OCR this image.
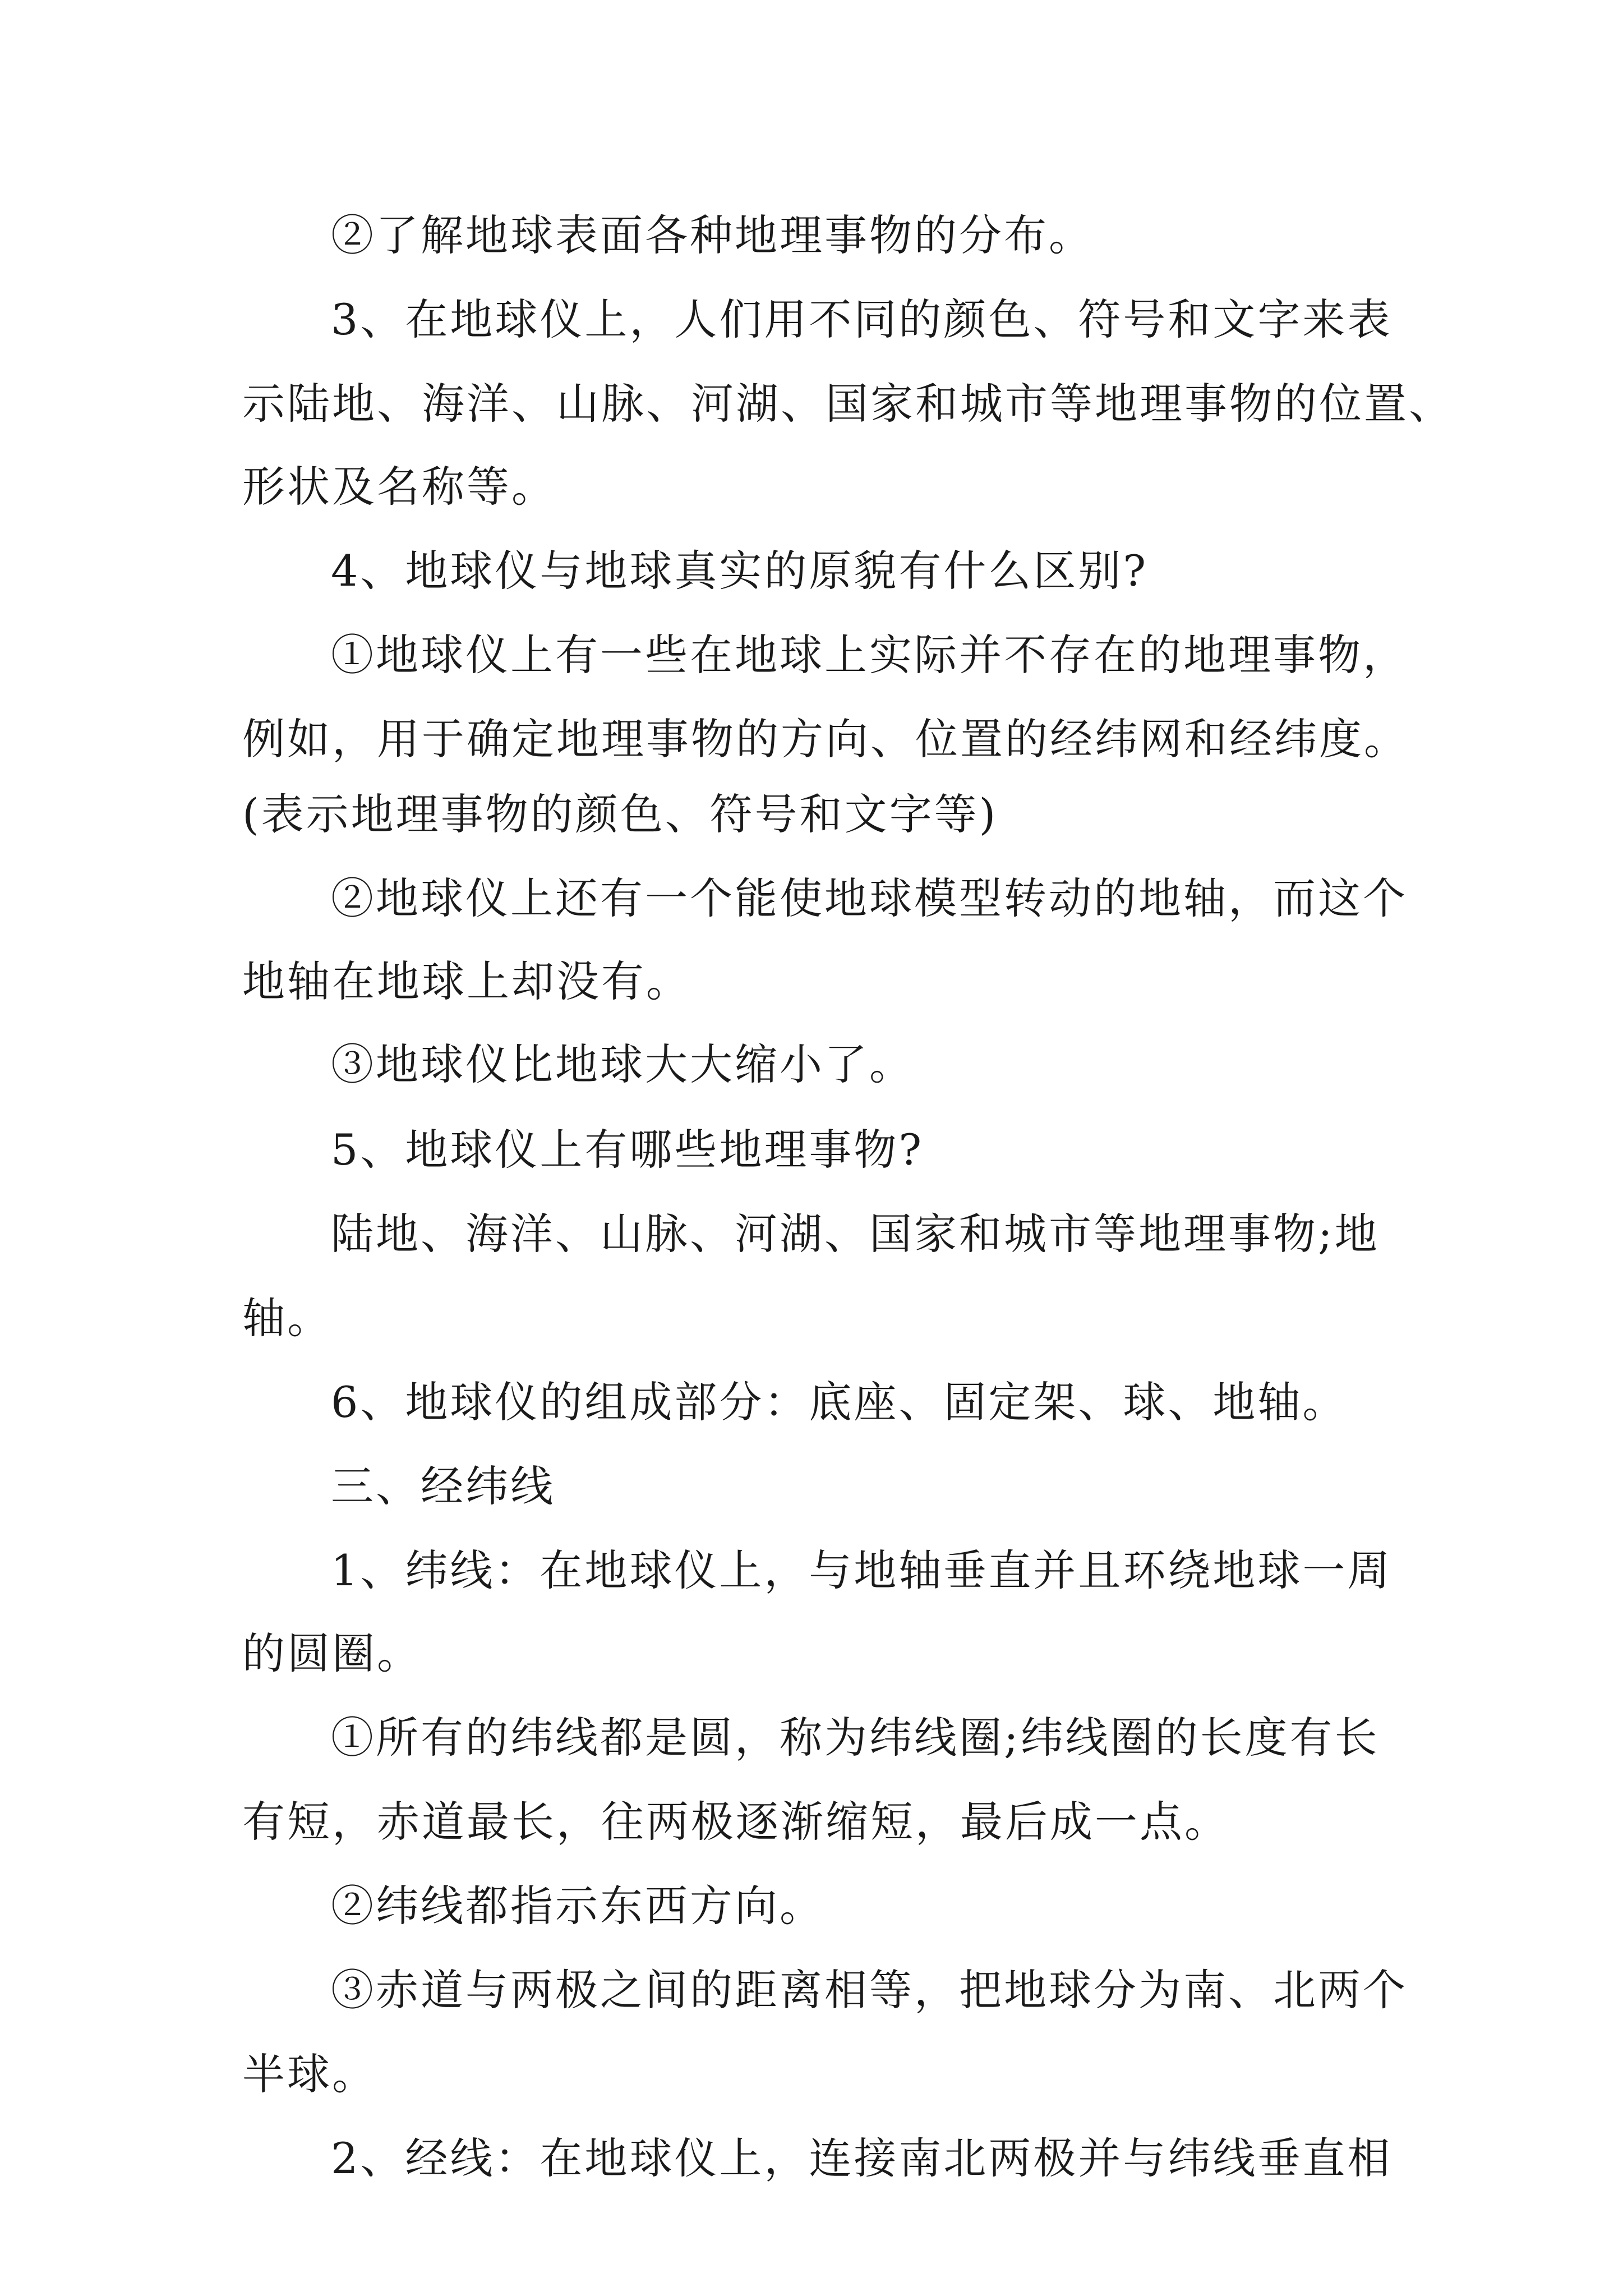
②了解地球表面各种地理事物的分布。
3、在地球仪上，人们用不同的颜色、符号和文字来表
示陆地、海洋、山脉、河湖、国家和城市等地理事物的位置、
形状及名称等。
4、地球仪与地球真实的原貌有什么区别?
①地球仪上有一些在地球上实际并不存在的地理事物，
例如，用于确定地理事物的方向、位置的经纬网和经纬度。
(表示地理事物的颜色、符号和文字等)
②地球仪上还有一个能使地球模型转动的地轴，而这个
地轴在地球上却没有。
③地球仪比地球大大缩小了。
5、地球仪上有哪些地理事物?
陆地、海洋、山脉、河湖、国家和城市等地理事物;地
轴。
6、地球仪的组成部分：底座、固定架、球、地轴。
三、经纬线
1、纬线：在地球仪上，与地轴垂直并且环绕地球一周
的圆圈。
①所有的纬线都是圆，称为纬线圈;纬线圈的长度有长
有短，赤道最长，往两极逐渐缩短，最后成一点。
②纬线都指示东西方向。
③赤道与两极之间的距离相等，把地球分为南、北两个
半球。
2、经线：在地球仪上，连接南北两极并与纬线垂直相
